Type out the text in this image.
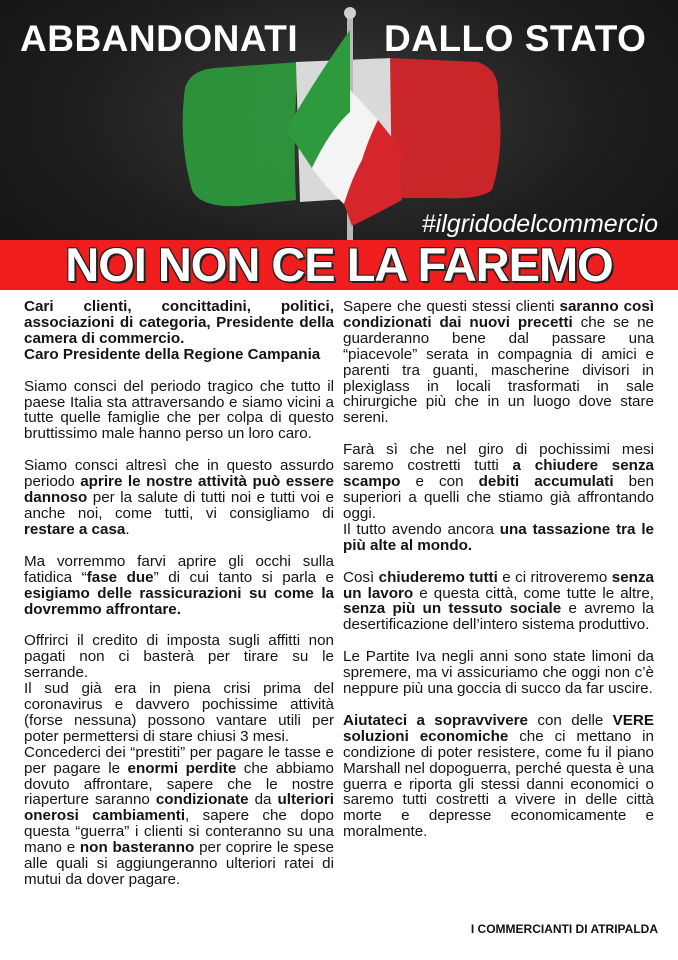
ABBANDONATI DALLO STATO
#ilgridodelcommercio
NOI NON CE LA FAREMO

Cari clienti, concittadini, politici, associazioni di categoria, Presidente della camera di commercio.

Caro Presidente della Regione Campania

Siamo consci del periodo tragico che tutto il paese Italia sta attraversando e siamo vicini a tutte quelle famiglie che per colpa di questo bruttissimo male hanno perso un loro caro.

Siamo consci altresì che in questo assurdo periodo aprire le nostre attività può essere dannoso per la salute di tutti noi e tutti voi e anche noi, come tutti, vi consigliamo di restare a casa.

Ma vorremmo farvi aprire gli occhi sulla fatidica “fase due” di cui tanto si parla e esigiamo delle rassicurazioni su come la dovremmo affrontare.

Offrirci il credito di imposta sugli affitti non pagati non ci basterà per tirare su le serrande.

Il sud già era in piena crisi prima del coronavirus e davvero pochissime attività (forse nessuna) possono vantare utili per poter permettersi di stare chiusi 3 mesi.

Concederci dei “prestiti” per pagare le tasse e per pagare le enormi perdite che abbiamo dovuto affrontare, sapere che le nostre riaperture saranno condizionate da ulteriori onerosi cambiamenti, sapere che dopo questa “guerra” i clienti si conteranno su una mano e non basteranno per coprire le spese alle quali si aggiungeranno ulteriori ratei di mutui da dover pagare.

Sapere che questi stessi clienti saranno così condizionati dai nuovi precetti che se ne guarderanno bene dal passare una “piacevole” serata in compagnia di amici e parenti tra guanti, mascherine divisori in plexiglass in locali trasformati in sale chirurgiche più che in un luogo dove stare sereni.

Farà sì che nel giro di pochissimi mesi saremo costretti tutti a chiudere senza scampo e con debiti accumulati ben superiori a quelli che stiamo già affrontando oggi.

Il tutto avendo ancora una tassazione tra le più alte al mondo.

Così chiuderemo tutti e ci ritroveremo senza un lavoro e questa città, come tutte le altre, senza più un tessuto sociale e avremo la desertificazione dell’intero sistema produttivo.

Le Partite Iva negli anni sono state limoni da spremere, ma vi assicuriamo che oggi non c’è neppure più una goccia di succo da far uscire.

Aiutateci a sopravvivere con delle VERE soluzioni economiche che ci mettano in condizione di poter resistere, come fu il piano Marshall nel dopoguerra, perché questa è una guerra e riporta gli stessi danni economici o saremo tutti costretti a vivere in delle città morte e depresse economicamente e moralmente.

I COMMERCIANTI DI ATRIPALDA
